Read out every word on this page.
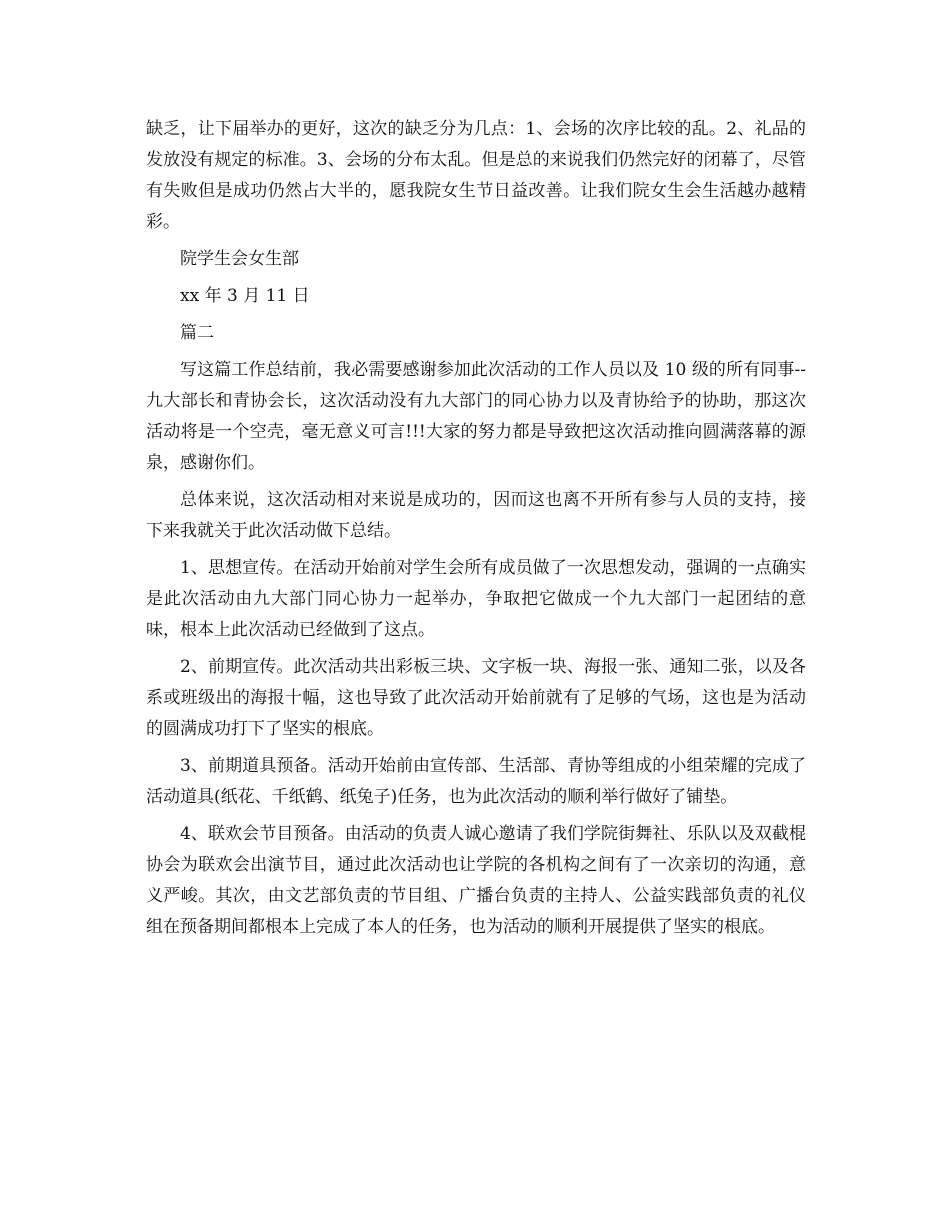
缺乏，让下届举办的更好，这次的缺乏分为几点：1、会场的次序比较的乱。2、礼品的发放没有规定的标准。3、会场的分布太乱。但是总的来说我们仍然完好的闭幕了，尽管有失败但是成功仍然占大半的，愿我院女生节日益改善。让我们院女生会生活越办越精彩。

院学生会女生部

xx 年 3 月 11 日

篇二

写这篇工作总结前，我必需要感谢参加此次活动的工作人员以及 10 级的所有同事--九大部长和青协会长，这次活动没有九大部门的同心协力以及青协给予的协助，那这次活动将是一个空壳，毫无意义可言!!!大家的努力都是导致把这次活动推向圆满落幕的源泉，感谢你们。

总体来说，这次活动相对来说是成功的，因而这也离不开所有参与人员的支持，接下来我就关于此次活动做下总结。

1、思想宣传。在活动开始前对学生会所有成员做了一次思想发动，强调的一点确实是此次活动由九大部门同心协力一起举办，争取把它做成一个九大部门一起团结的意味，根本上此次活动已经做到了这点。

2、前期宣传。此次活动共出彩板三块、文字板一块、海报一张、通知二张，以及各系或班级出的海报十幅，这也导致了此次活动开始前就有了足够的气场，这也是为活动的圆满成功打下了坚实的根底。

3、前期道具预备。活动开始前由宣传部、生活部、青协等组成的小组荣耀的完成了活动道具(纸花、千纸鹤、纸兔子)任务，也为此次活动的顺利举行做好了铺垫。

4、联欢会节目预备。由活动的负责人诚心邀请了我们学院街舞社、乐队以及双截棍协会为联欢会出演节目，通过此次活动也让学院的各机构之间有了一次亲切的沟通，意义严峻。其次，由文艺部负责的节目组、广播台负责的主持人、公益实践部负责的礼仪组在预备期间都根本上完成了本人的任务，也为活动的顺利开展提供了坚实的根底。
